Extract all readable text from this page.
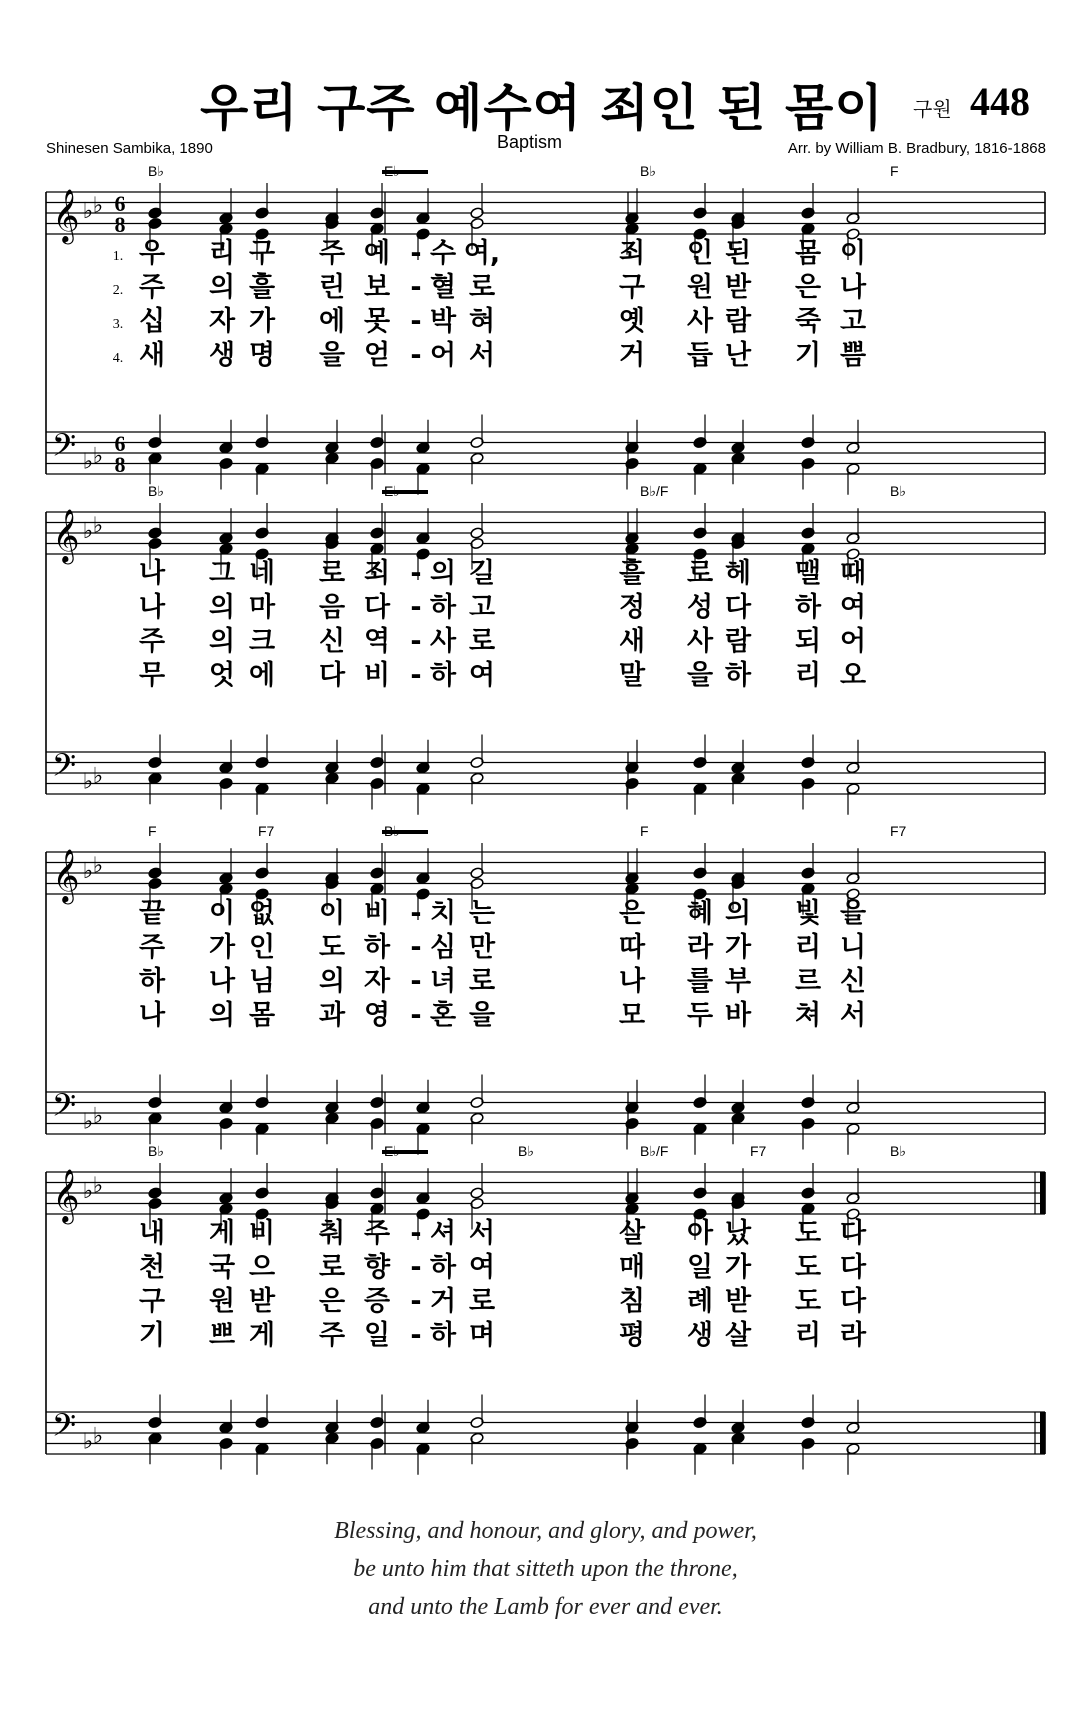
우리 구주 예수여 죄인 된 몸이 구원 448
Shinesen Sambika, 1890	Baptism	Arr. by William B. Bradbury, 1816-1868
𝄞 ♭ ♭
𝄢 ♭ ♭
6
8
6
8
B♭	E♭	B♭	F
1.
2.
3.
4.
우 리 구 주 예 - 수 여,	죄 인 된 몸 이
주 의 흘 린 보 - 혈 로	구 원 받 은 나
십 자 가 에 못 - 박 혀	옛 사 람 죽 고
새 생 명 을 얻 - 어 서	거 듭 난 기 쁨
𝄞 ♭ ♭
𝄢 ♭ ♭
B♭	E♭	B♭/F	B♭
나 그 네 로 죄 - 의 길	흘 로 헤 맬 때
나 의 마 음 다 - 하 고	정 성 다 하 여
주 의 크 신 역 - 사 로	새 사 람 되 어
무 엇 에 다 비 - 하 여	말 을 하 리 오
𝄞 ♭ ♭
𝄢 ♭ ♭
F	F7	B♭	F	F7
끝 이 없 이 비 - 치 는	은 혜 의 빛 을
주 가 인 도 하 - 심 만	따 라 가 리 니
하 나 님 의 자 - 녀 로	나 를 부 르 신
나 의 몸 과 영 - 혼 을	모 두 바 쳐 서
𝄞 ♭ ♭
𝄢 ♭ ♭
B♭	E♭	B♭	B♭/F	F7	B♭
내 게 비 춰 주 - 셔 서	살 아 났 도 다
천 국 으 로 향 - 하 여	매 일 가 도 다
구 원 받 은 증 - 거 로	침 례 받 도 다
기 쁘 게 주 일 - 하 며	평 생 살 리 라
Blessing, and honour, and glory, and power,
be unto him that sitteth upon the throne,
and unto the Lamb for ever and ever.
